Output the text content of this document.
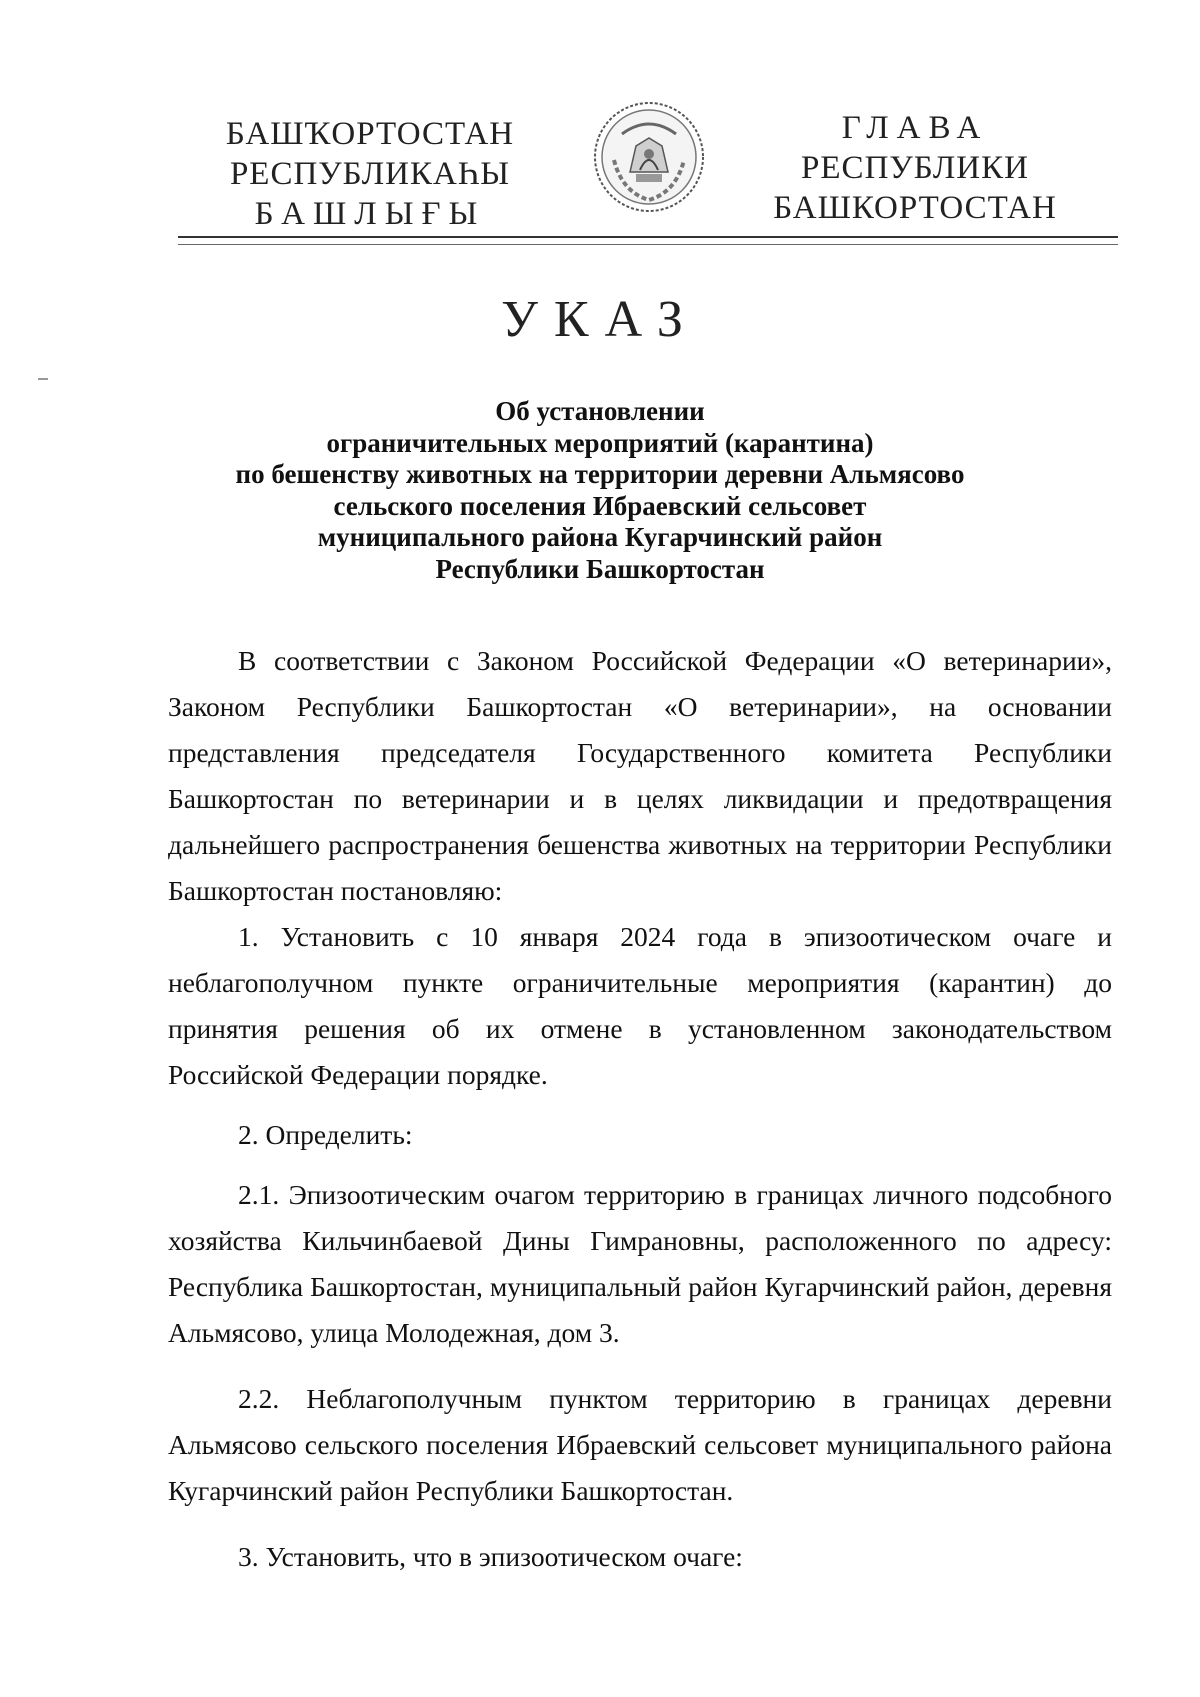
БАШҠОРТОСТАН
РЕСПУБЛИКАҺЫ
БАШЛЫҒЫ
ГЛАВА
РЕСПУБЛИКИ
БАШКОРТОСТАН
УКАЗ
Об установлении
ограничительных мероприятий (карантина)
по бешенству животных на территории деревни Альмясово
сельского поселения Ибраевский сельсовет
муниципального района Кугарчинский район
Республики Башкортостан

В соответствии с Законом Российской Федерации «О ветеринарии», Законом Республики Башкортостан «О ветеринарии», на основании представления председателя Государственного комитета Республики Башкортостан по ветеринарии и в целях ликвидации и предотвращения дальнейшего распространения бешенства животных на территории Республики Башкортостан постановляю:

1. Установить с 10 января 2024 года в эпизоотическом очаге и неблагополучном пункте ограничительные мероприятия (карантин) до принятия решения об их отмене в установленном законодательством Российской Федерации порядке.

2. Определить:

2.1. Эпизоотическим очагом территорию в границах личного подсобного хозяйства Кильчинбаевой Дины Гимрановны, расположенного по адресу: Республика Башкортостан, муниципальный район Кугарчинский район, деревня Альмясово, улица Молодежная, дом 3.

2.2. Неблагополучным пунктом территорию в границах деревни Альмясово сельского поселения Ибраевский сельсовет муниципального района Кугарчинский район Республики Башкортостан.

3. Установить, что в эпизоотическом очаге:
